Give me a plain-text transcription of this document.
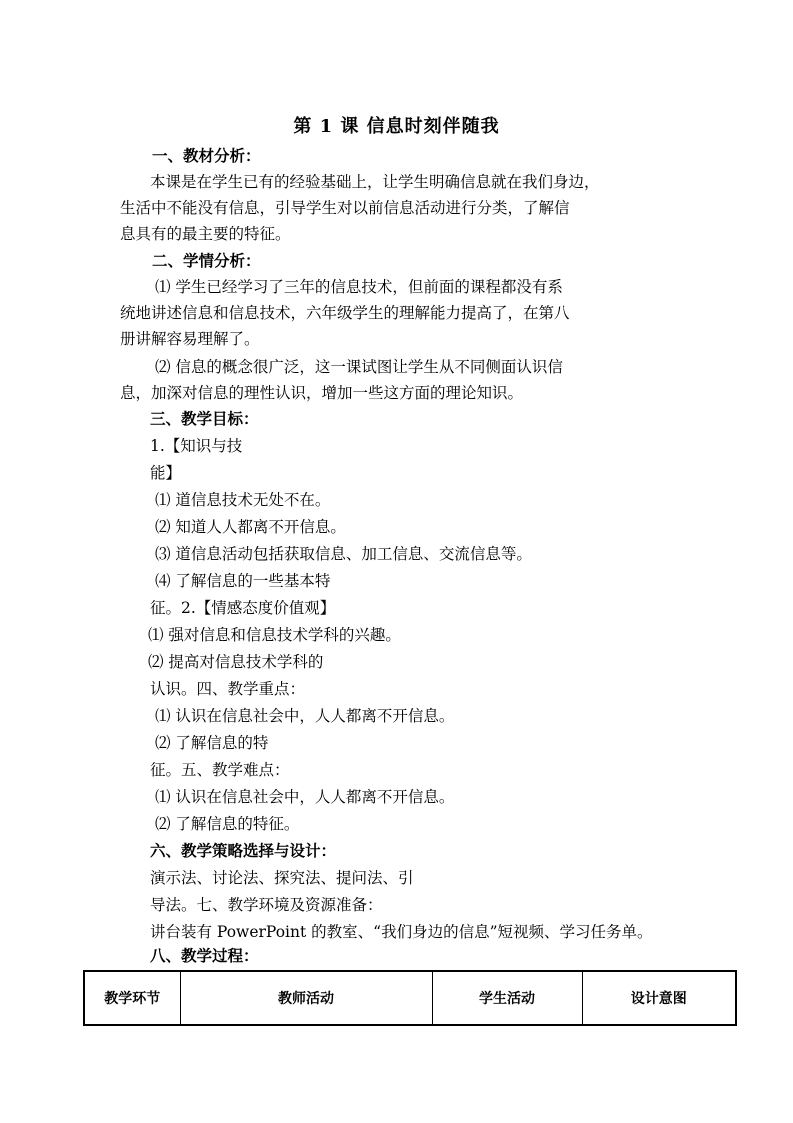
第 1 课 信息时刻伴随我
一、教材分析：
本课是在学生已有的经验基础上，让学生明确信息就在我们身边，
生活中不能没有信息，引导学生对以前信息活动进行分类，了解信
息具有的最主要的特征。
二、学情分析：
⑴ 学生已经学习了三年的信息技术，但前面的课程都没有系
统地讲述信息和信息技术，六年级学生的理解能力提高了，在第八
册讲解容易理解了。
⑵ 信息的概念很广泛，这一课试图让学生从不同侧面认识信
息，加深对信息的理性认识，增加一些这方面的理论知识。
三、教学目标：
1.【知识与技
能】
⑴ 道信息技术无处不在。
⑵ 知道人人都离不开信息。
⑶ 道信息活动包括获取信息、加工信息、交流信息等。
⑷ 了解信息的一些基本特
征。2.【情感态度价值观】
⑴ 强对信息和信息技术学科的兴趣。
⑵ 提高对信息技术学科的
认识。四、教学重点：
⑴ 认识在信息社会中，人人都离不开信息。
⑵ 了解信息的特
征。五、教学难点：
⑴ 认识在信息社会中，人人都离不开信息。
⑵ 了解信息的特征。
六、教学策略选择与设计：
演示法、讨论法、探究法、提问法、引
导法。七、教学环境及资源准备：
讲台装有 PowerPoint 的教室、“我们身边的信息”短视频、学习任务单。
八、教学过程：
教学环节	教师活动	学生活动	设计意图
